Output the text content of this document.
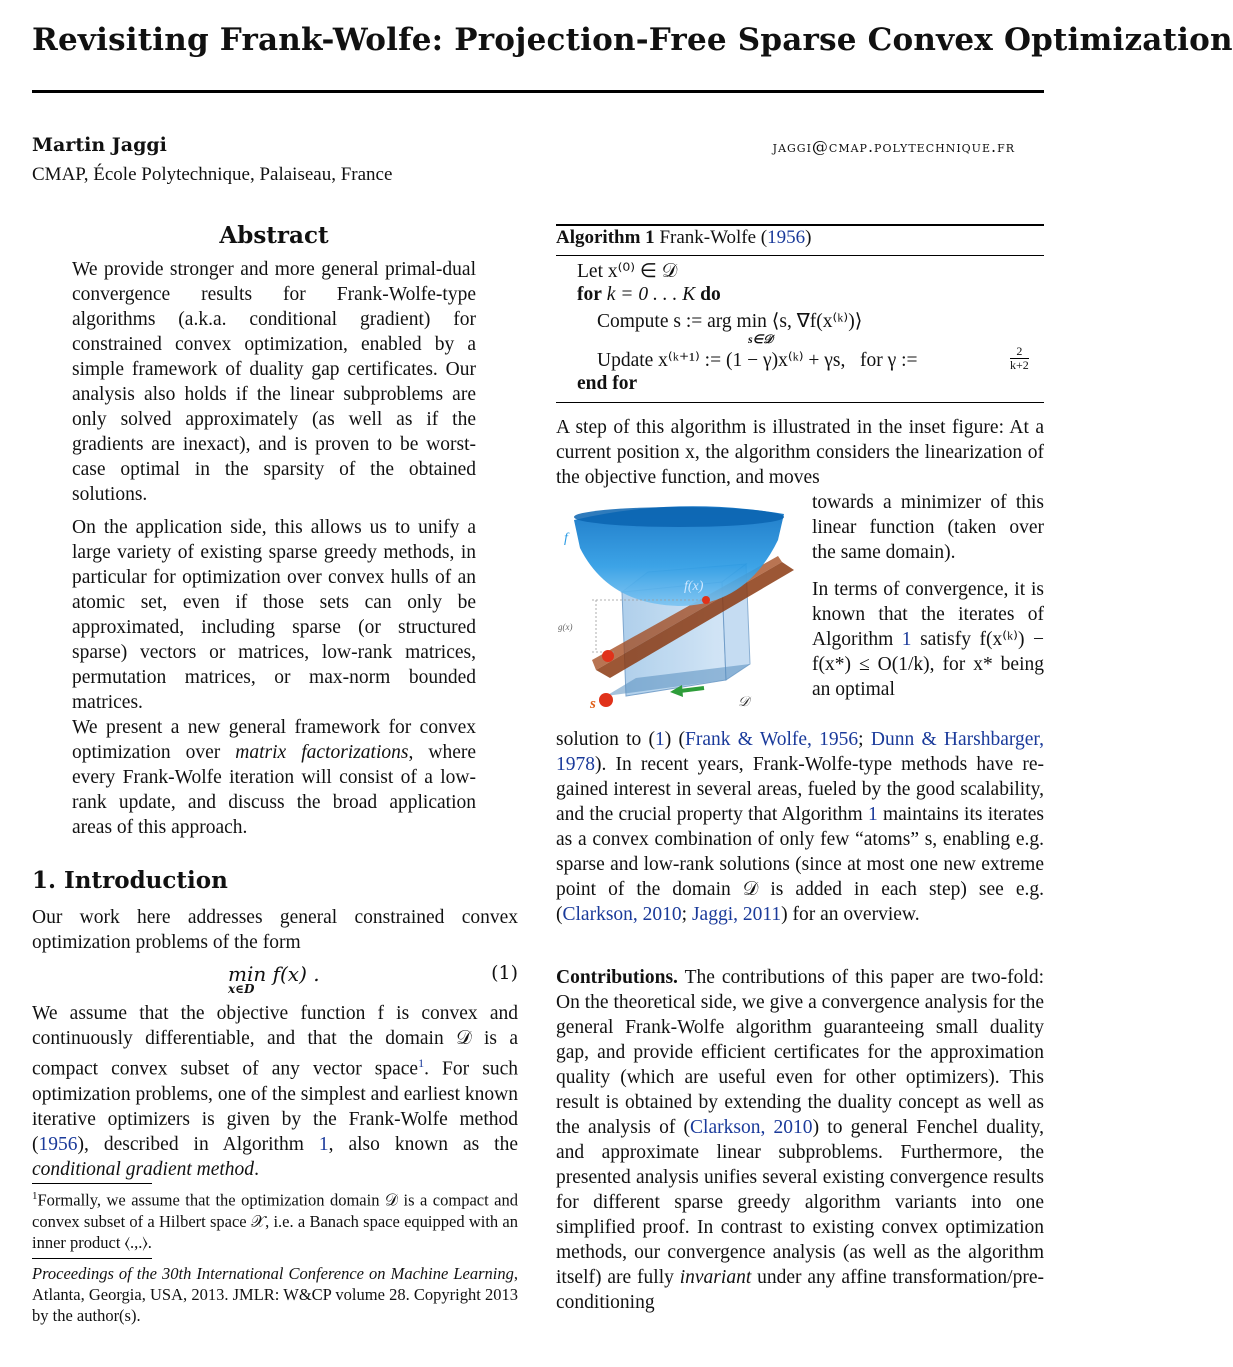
Revisiting Frank-Wolfe: Projection-Free Sparse Convex Optimization
Martin Jaggi	jaggi@cmap.polytechnique.fr
CMAP, École Polytechnique, Palaiseau, France
Abstract

We provide stronger and more general primal-dual convergence results for Frank-Wolfe-type algorithms (a.k.a. conditional gradient) for constrained convex optimization, enabled by a simple framework of duality gap certificates. Our analysis also holds if the linear subproblems are only solved approximately (as well as if the gradients are inexact), and is proven to be worst-case optimal in the sparsity of the obtained solutions.

On the application side, this allows us to unify a large variety of existing sparse greedy methods, in particular for optimization over convex hulls of an atomic set, even if those sets can only be approximated, including sparse (or structured sparse) vectors or matrices, low-rank matrices, permutation matrices, or max-norm bounded matrices.

We present a new general framework for convex optimization over matrix factorizations, where every Frank-Wolfe iteration will consist of a low-rank update, and discuss the broad application areas of this approach.

1. Introduction
Our work here addresses general constrained convex optimization problems of the form
min f(x) .
x∈D
(1)
We assume that the objective function f is convex and continuously differentiable, and that the domain 𝒟 is a compact convex subset of any vector space$^1$. For such optimization problems, one of the simplest and earliest known iterative optimizers is given by the Frank-Wolfe method (1956), described in Algorithm 1, also known as the conditional gradient method.
$^1$Formally, we assume that the optimization domain 𝒟 is a compact and convex subset of a Hilbert space 𝒳, i.e. a Banach space equipped with an inner product ⟨.,.⟩.
Proceedings of the 30th International Conference on Machine Learning, Atlanta, Georgia, USA, 2013. JMLR: W&CP volume 28. Copyright 2013 by the author(s).
Algorithm 1 Frank-Wolfe (1956)
Let x⁽⁰⁾ ∈ 𝒟
for k = 0 . . . K do
Compute s := arg min ⟨s, ∇f(x⁽ᵏ⁾)⟩
s∈𝒟
Update x⁽ᵏ⁺¹⁾ := (1 − γ)x⁽ᵏ⁾ + γs, for γ :=	2
k+2
end for
A step of this algorithm is illustrated in the inset figure: At a current position x, the algorithm considers the linearization of the objective function, and moves
f
f(x)
g(x)
s
x
𝒟
towards a minimizer of this linear function (taken over the same domain).
In terms of convergence, it is known that the iterates of Algorithm 1 satisfy f(x⁽ᵏ⁾) − f(x*) ≤ O(1/k), for x* being an optimal
solution to (1) (Frank & Wolfe, 1956; Dunn & Harshbarger, 1978). In recent years, Frank-Wolfe-type methods have re-gained interest in several areas, fueled by the good scalability, and the crucial property that Algorithm 1 maintains its iterates as a convex combination of only few “atoms” s, enabling e.g. sparse and low-rank solutions (since at most one new extreme point of the domain 𝒟 is added in each step) see e.g. (Clarkson, 2010; Jaggi, 2011) for an overview.
Contributions. The contributions of this paper are two-fold: On the theoretical side, we give a convergence analysis for the general Frank-Wolfe algorithm guaranteeing small duality gap, and provide efficient certificates for the approximation quality (which are useful even for other optimizers). This result is obtained by extending the duality concept as well as the analysis of (Clarkson, 2010) to general Fenchel duality, and approximate linear subproblems. Furthermore, the presented analysis unifies several existing convergence results for different sparse greedy algorithm variants into one simplified proof. In contrast to existing convex optimization methods, our convergence analysis (as well as the algorithm itself) are fully invariant under any affine transformation/pre-conditioning
